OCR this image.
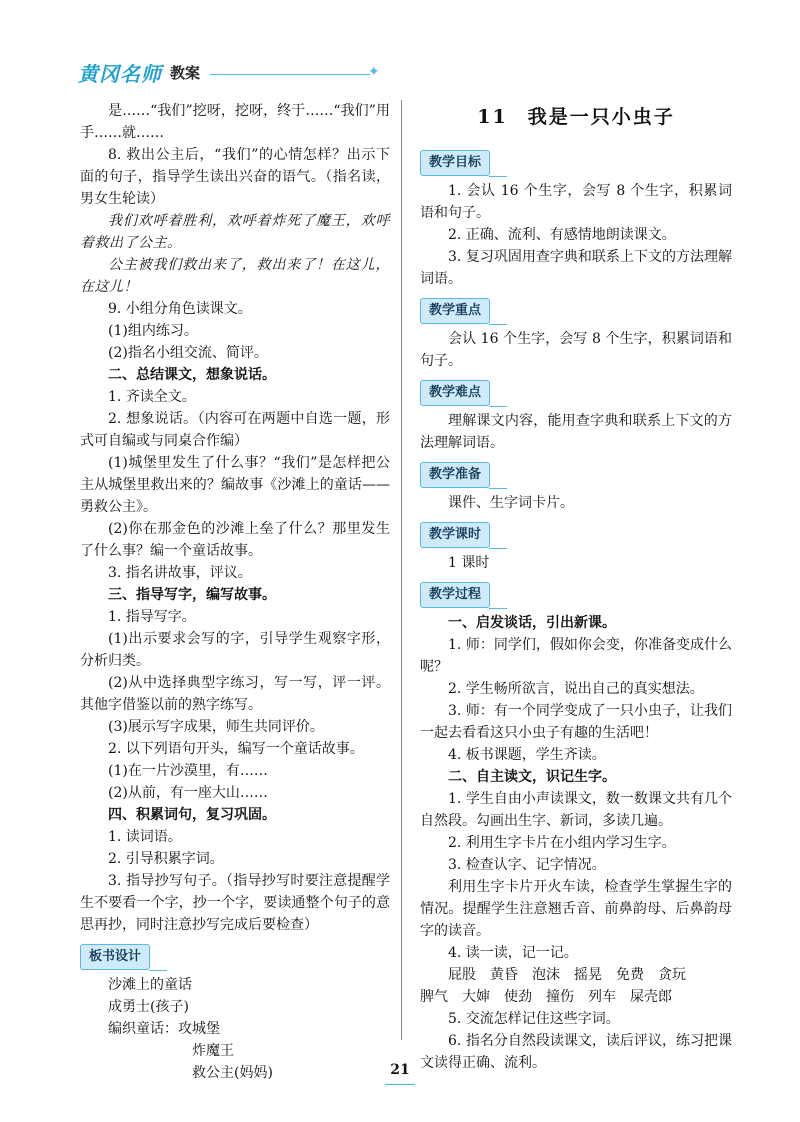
黄冈名师 教案	✦

是……“我们”挖呀，挖呀，终于……“我们”用手……就……

8. 救出公主后，“我们”的心情怎样？出示下面的句子，指导学生读出兴奋的语气。（指名读，男女生轮读）

我们欢呼着胜利，欢呼着炸死了魔王，欢呼着救出了公主。

公主被我们救出来了，救出来了！在这儿，在这儿！

9. 小组分角色读课文。

(1)组内练习。

(2)指名小组交流、简评。

二、总结课文，想象说话。

1. 齐读全文。

2. 想象说话。（内容可在两题中自选一题，形式可自编或与同桌合作编）

(1)城堡里发生了什么事？“我们”是怎样把公主从城堡里救出来的？编故事《沙滩上的童话——勇救公主》。

(2)你在那金色的沙滩上垒了什么？那里发生了什么事？编一个童话故事。

3. 指名讲故事，评议。

三、指导写字，编写故事。

1. 指导写字。

(1)出示要求会写的字，引导学生观察字形，分析归类。

(2)从中选择典型字练习，写一写，评一评。其他字借鉴以前的熟字练写。

(3)展示写字成果，师生共同评价。

2. 以下列语句开头，编写一个童话故事。

(1)在一片沙漠里，有……

(2)从前，有一座大山……

四、积累词句，复习巩固。

1. 读词语。

2. 引导积累字词。

3. 指导抄写句子。（指导抄写时要注意提醒学生不要看一个字，抄一个字，要读通整个句子的意思再抄，同时注意抄写完成后要检查）

板书设计

沙滩上的童话

成勇士(孩子)

编织童话：攻城堡

炸魔王

救公主(妈妈)

11 我是一只小虫子
教学目标

1. 会认 16 个生字，会写 8 个生字，积累词语和句子。

2. 正确、流利、有感情地朗读课文。

3. 复习巩固用查字典和联系上下文的方法理解词语。

教学重点

会认 16 个生字，会写 8 个生字，积累词语和句子。

教学难点

理解课文内容，能用查字典和联系上下文的方法理解词语。

教学准备

课件、生字词卡片。

教学课时

1 课时

教学过程

一、启发谈话，引出新课。

1. 师：同学们，假如你会变，你准备变成什么呢？

2. 学生畅所欲言，说出自己的真实想法。

3. 师：有一个同学变成了一只小虫子，让我们一起去看看这只小虫子有趣的生活吧！

4. 板书课题，学生齐读。

二、自主读文，识记生字。

1. 学生自由小声读课文，数一数课文共有几个自然段。勾画出生字、新词，多读几遍。

2. 利用生字卡片在小组内学习生字。

3. 检查认字、记字情况。

利用生字卡片开火车读，检查学生掌握生字的情况。提醒学生注意翘舌音、前鼻韵母、后鼻韵母字的读音。

4. 读一读，记一记。

屁股　黄昏　泡沫　摇晃　免费　贪玩

脾气　大婶　使劲　撞伤　列车　屎壳郎

5. 交流怎样记住这些字词。

6. 指名分自然段读课文，读后评议，练习把课文读得正确、流利。

21
